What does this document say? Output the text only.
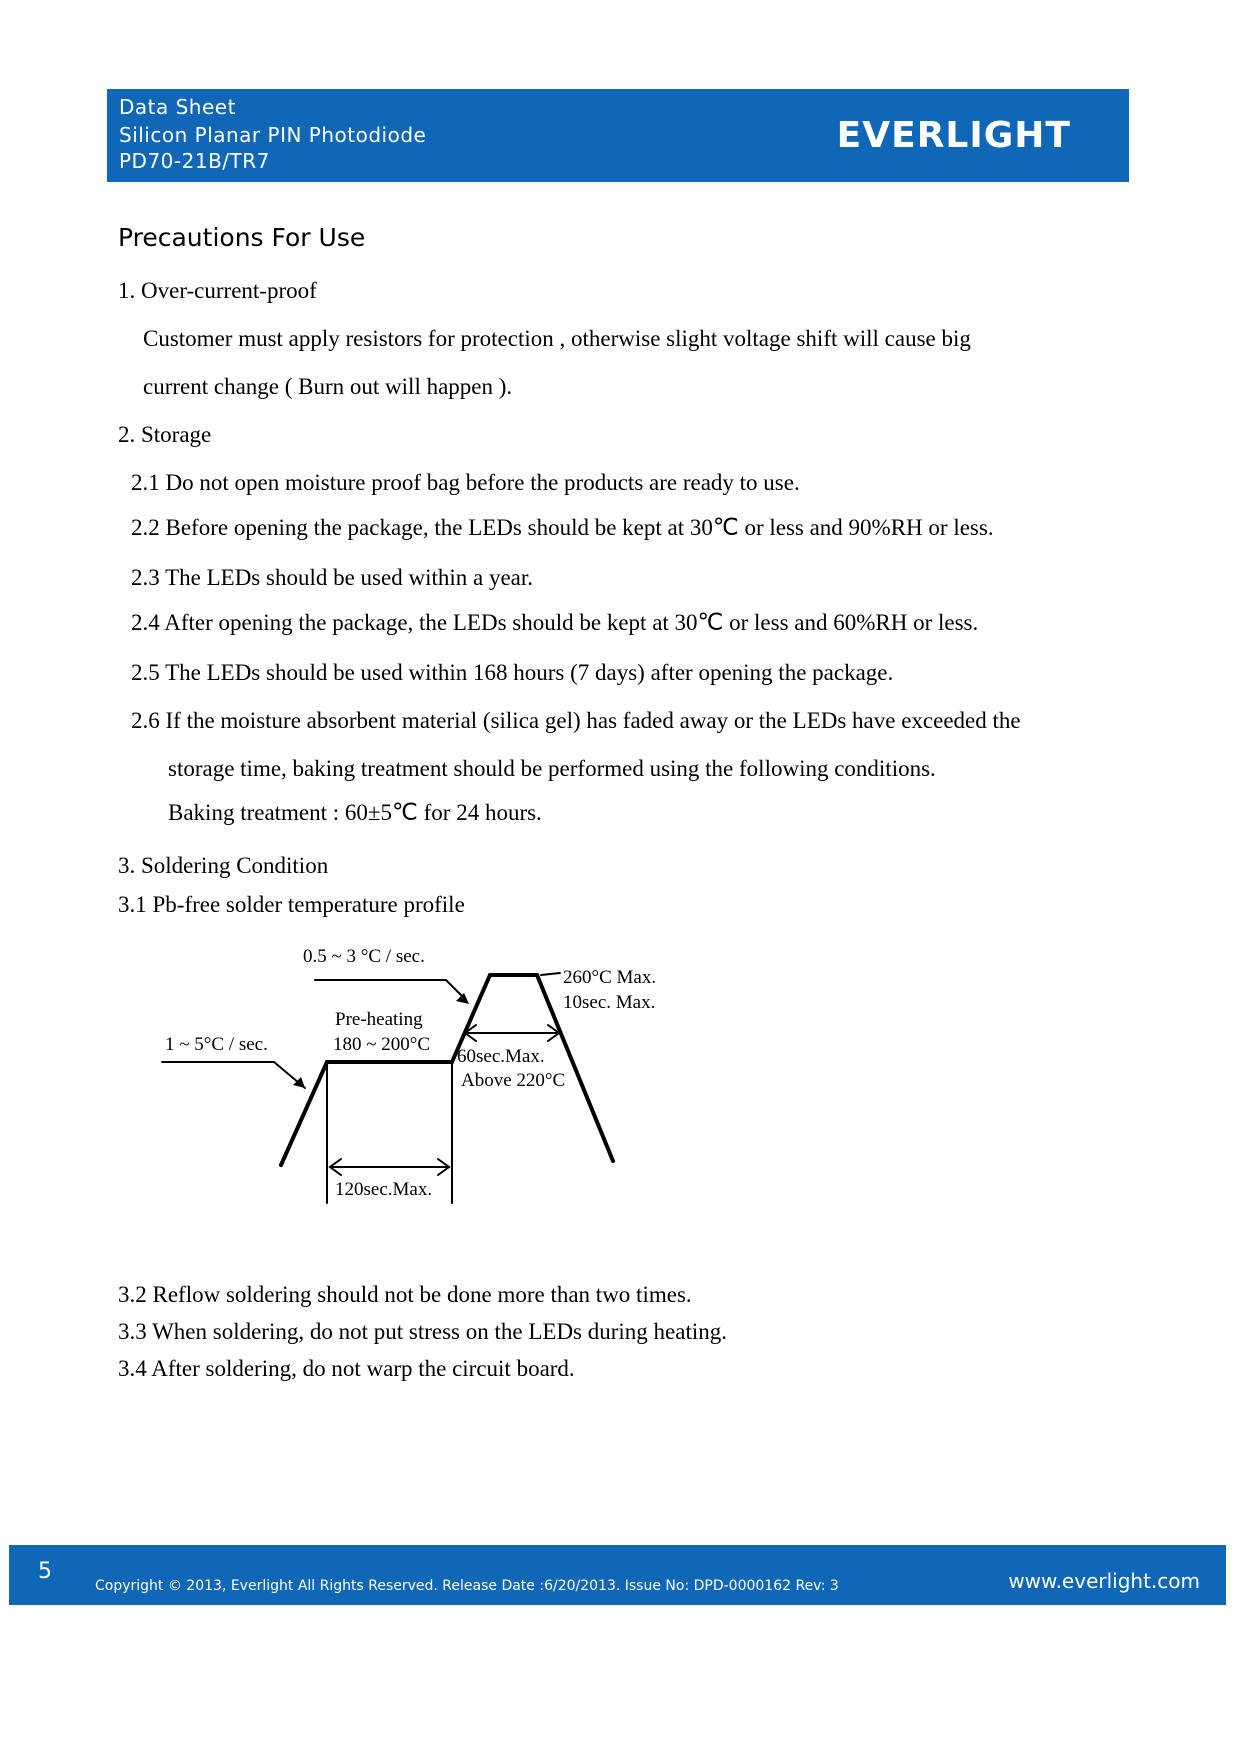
Data Sheet
Silicon Planar PIN Photodiode
PD70-21B/TR7
EVERLIGHT
Precautions For Use
1. Over-current-proof
Customer must apply resistors for protection , otherwise slight voltage shift will cause big
current change ( Burn out will happen ).
2. Storage
2.1 Do not open moisture proof bag before the products are ready to use.
2.2 Before opening the package, the LEDs should be kept at 30℃ or less and 90%RH or less.
2.3 The LEDs should be used within a year.
2.4 After opening the package, the LEDs should be kept at 30℃ or less and 60%RH or less.
2.5 The LEDs should be used within 168 hours (7 days) after opening the package.
2.6 If the moisture absorbent material (silica gel) has faded away or the LEDs have exceeded the
storage time, baking treatment should be performed using the following conditions.
Baking treatment : 60±5℃ for 24 hours.
3. Soldering Condition
3.1 Pb-free solder temperature profile
0.5 ~ 3 °C / sec.
260°C Max.
10sec. Max.
Pre-heating
180 ~ 200°C
1 ~ 5°C / sec.
60sec.Max.
Above 220°C
120sec.Max.
3.2 Reflow soldering should not be done more than two times.
3.3 When soldering, do not put stress on the LEDs during heating.
3.4 After soldering, do not warp the circuit board.
5
Copyright © 2013, Everlight All Rights Reserved. Release Date :6/20/2013. Issue No: DPD-0000162 Rev: 3	www.everlight.com
